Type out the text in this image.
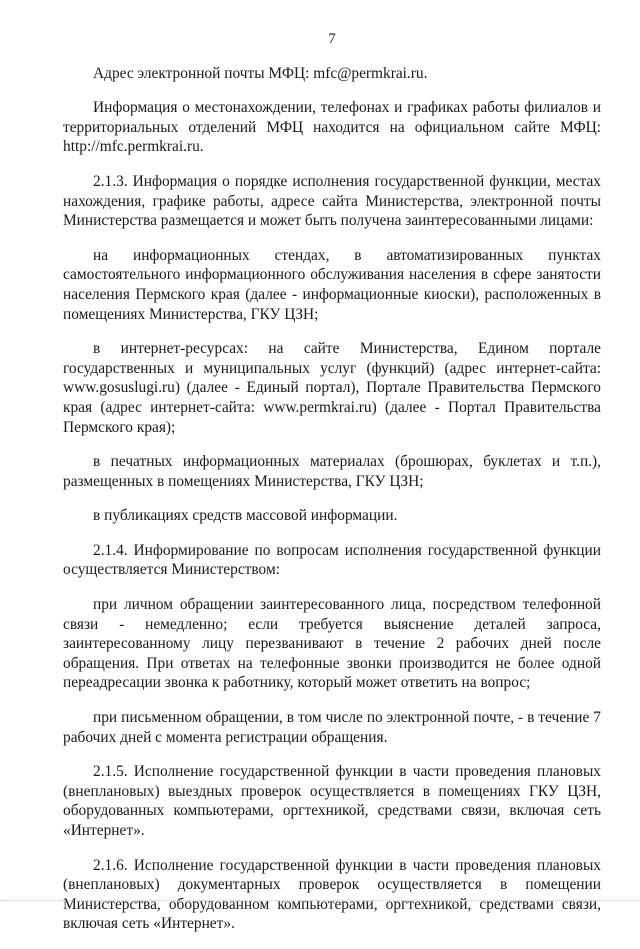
7

Адрес электронной почты МФЦ: mfc@permkrai.ru.

Информация о местонахождении, телефонах и графиках работы филиалов и территориальных отделений МФЦ находится на официальном сайте МФЦ: http://mfc.permkrai.ru.

2.1.3. Информация о порядке исполнения государственной функции, местах нахождения, графике работы, адресе сайта Министерства, электронной почты Министерства размещается и может быть получена заинтересованными лицами:

на информационных стендах, в автоматизированных пунктах самостоятельного информационного обслуживания населения в сфере занятости населения Пермского края (далее - информационные киоски), расположенных в помещениях Министерства, ГКУ ЦЗН;

в интернет-ресурсах: на сайте Министерства, Едином портале государственных и муниципальных услуг (функций) (адрес интернет-сайта: www.gosuslugi.ru) (далее - Единый портал), Портале Правительства Пермского края (адрес интернет-сайта: www.permkrai.ru) (далее - Портал Правительства Пермского края);

в печатных информационных материалах (брошюрах, буклетах и т.п.), размещенных в помещениях Министерства, ГКУ ЦЗН;

в публикациях средств массовой информации.

2.1.4. Информирование по вопросам исполнения государственной функции осуществляется Министерством:

при личном обращении заинтересованного лица, посредством телефонной связи - немедленно; если требуется выяснение деталей запроса, заинтересованному лицу перезванивают в течение 2 рабочих дней после обращения. При ответах на телефонные звонки производится не более одной переадресации звонка к работнику, который может ответить на вопрос;

при письменном обращении, в том числе по электронной почте, - в течение 7 рабочих дней с момента регистрации обращения.

2.1.5. Исполнение государственной функции в части проведения плановых (внеплановых) выездных проверок осуществляется в помещениях ГКУ ЦЗН, оборудованных компьютерами, оргтехникой, средствами связи, включая сеть «Интернет».

2.1.6. Исполнение государственной функции в части проведения плановых (внеплановых) документарных проверок осуществляется в помещении Министерства, оборудованном компьютерами, оргтехникой, средствами связи, включая сеть «Интернет».
